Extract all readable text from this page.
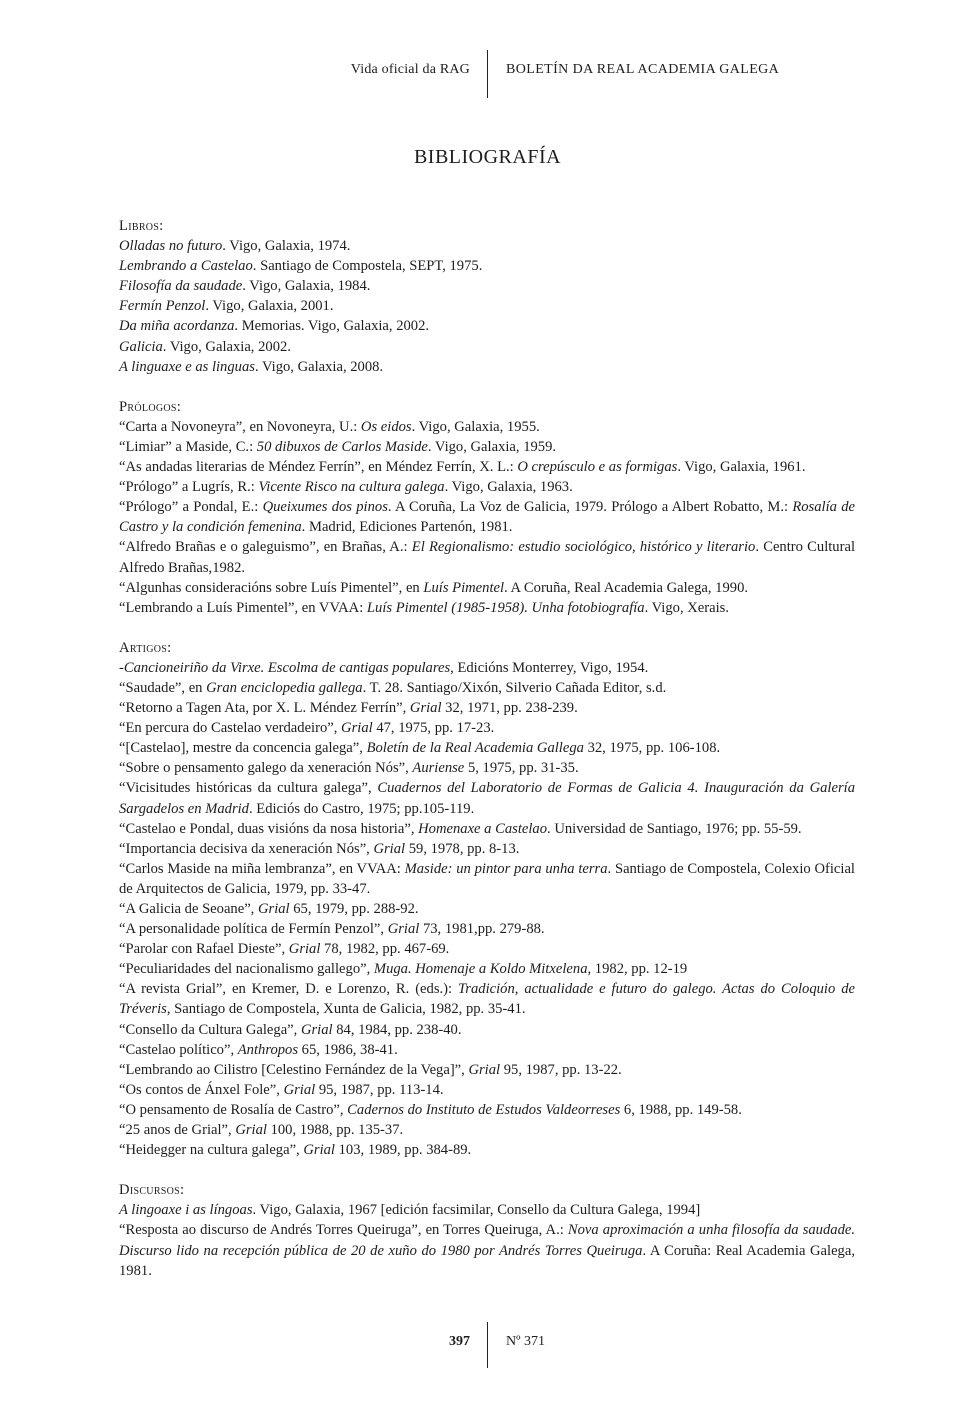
Vida oficial da RAG	BOLETÍN DA REAL ACADEMIA GALEGA
BIBLIOGRAFÍA
Libros:
Olladas no futuro. Vigo, Galaxia, 1974.
Lembrando a Castelao. Santiago de Compostela, SEPT, 1975.
Filosofía da saudade. Vigo, Galaxia, 1984.
Fermín Penzol. Vigo, Galaxia, 2001.
Da miña acordanza. Memorias. Vigo, Galaxia, 2002.
Galicia. Vigo, Galaxia, 2002.
A linguaxe e as linguas. Vigo, Galaxia, 2008.
Prólogos:
“Carta a Novoneyra”, en Novoneyra, U.: Os eidos. Vigo, Galaxia, 1955.
“Limiar” a Maside, C.: 50 dibuxos de Carlos Maside. Vigo, Galaxia, 1959.
“As andadas literarias de Méndez Ferrín”, en Méndez Ferrín, X. L.: O crepúsculo e as formigas. Vigo, Galaxia, 1961.
“Prólogo” a Lugrís, R.: Vicente Risco na cultura galega. Vigo, Galaxia, 1963.
“Prólogo” a Pondal, E.: Queixumes dos pinos. A Coruña, La Voz de Galicia, 1979. Prólogo a Albert Robatto, M.: Rosalía de Castro y la condición femenina. Madrid, Ediciones Partenón, 1981.
“Alfredo Brañas e o galeguismo”, en Brañas, A.: El Regionalismo: estudio sociológico, histórico y literario. Centro Cultural Alfredo Brañas,1982.
“Algunhas consideracións sobre Luís Pimentel”, en Luís Pimentel. A Coruña, Real Academia Galega, 1990.
“Lembrando a Luís Pimentel”, en VVAA: Luís Pimentel (1985-1958). Unha fotobiografía. Vigo, Xerais.
Artigos:
-Cancioneiriño da Virxe. Escolma de cantigas populares, Edicións Monterrey, Vigo, 1954.
“Saudade”, en Gran enciclopedia gallega. T. 28. Santiago/Xixón, Silverio Cañada Editor, s.d.
“Retorno a Tagen Ata, por X. L. Méndez Ferrín”, Grial 32, 1971, pp. 238-239.
“En percura do Castelao verdadeiro”, Grial 47, 1975, pp. 17-23.
“[Castelao], mestre da concencia galega”, Boletín de la Real Academia Gallega 32, 1975, pp. 106-108.
“Sobre o pensamento galego da xeneración Nós”, Auriense 5, 1975, pp. 31-35.
“Vicisitudes históricas da cultura galega”, Cuadernos del Laboratorio de Formas de Galicia 4. Inauguración da Galería Sargadelos en Madrid. Ediciós do Castro, 1975; pp.105-119.
“Castelao e Pondal, duas visións da nosa historia”, Homenaxe a Castelao. Universidad de Santiago, 1976; pp. 55-59.
“Importancia decisiva da xeneración Nós”, Grial 59, 1978, pp. 8-13.
“Carlos Maside na miña lembranza”, en VVAA: Maside: un pintor para unha terra. Santiago de Compostela, Colexio Oficial de Arquitectos de Galicia, 1979, pp. 33-47.
“A Galicia de Seoane”, Grial 65, 1979, pp. 288-92.
“A personalidade política de Fermín Penzol”, Grial 73, 1981,pp. 279-88.
“Parolar con Rafael Dieste”, Grial 78, 1982, pp. 467-69.
“Peculiaridades del nacionalismo gallego”, Muga. Homenaje a Koldo Mitxelena, 1982, pp. 12-19
“A revista Grial”, en Kremer, D. e Lorenzo, R. (eds.): Tradición, actualidade e futuro do galego. Actas do Coloquio de Tréveris, Santiago de Compostela, Xunta de Galicia, 1982, pp. 35-41.
“Consello da Cultura Galega”, Grial 84, 1984, pp. 238-40.
“Castelao político”, Anthropos 65, 1986, 38-41.
“Lembrando ao Cilistro [Celestino Fernández de la Vega]”, Grial 95, 1987, pp. 13-22.
“Os contos de Ánxel Fole”, Grial 95, 1987, pp. 113-14.
“O pensamento de Rosalía de Castro”, Cadernos do Instituto de Estudos Valdeorreses 6, 1988, pp. 149-58.
“25 anos de Grial”, Grial 100, 1988, pp. 135-37.
“Heidegger na cultura galega”, Grial 103, 1989, pp. 384-89.
Discursos:
A lingoaxe i as língoas. Vigo, Galaxia, 1967 [edición facsimilar, Consello da Cultura Galega, 1994]
“Resposta ao discurso de Andrés Torres Queiruga”, en Torres Queiruga, A.: Nova aproximación a unha filosofía da saudade. Discurso lido na recepción pública de 20 de xuño do 1980 por Andrés Torres Queiruga. A Coruña: Real Academia Galega, 1981.
397	Nº 371
